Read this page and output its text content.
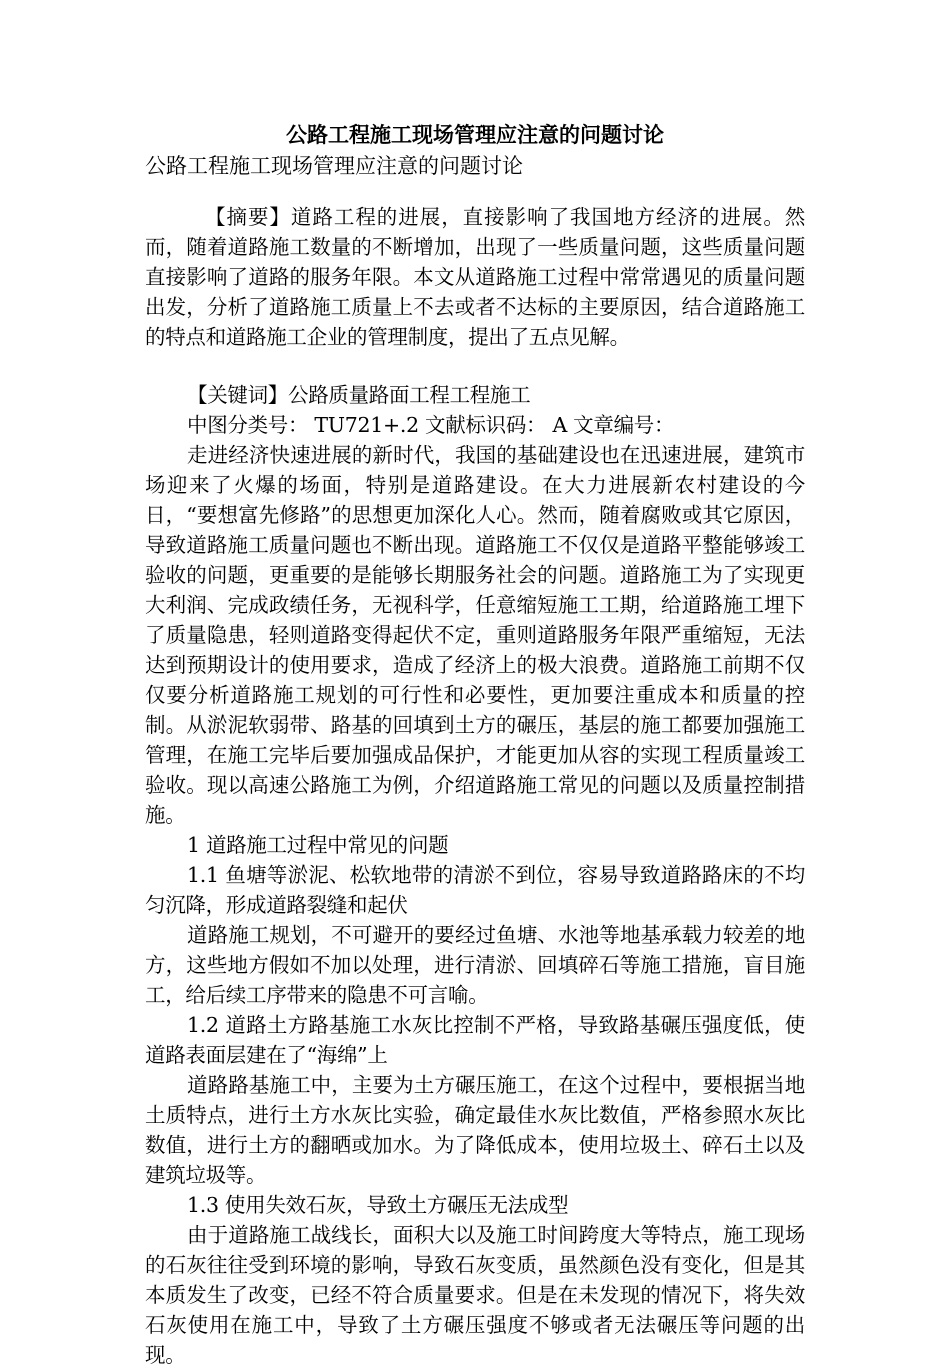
公路工程施工现场管理应注意的问题讨论
公路工程施工现场管理应注意的问题讨论

【摘要】道路工程的进展，直接影响了我国地方经济的进展。然而，随着道路施工数量的不断增加，出现了一些质量问题，这些质量问题直接影响了道路的服务年限。本文从道路施工过程中常常遇见的质量问题出发，分析了道路施工质量上不去或者不达标的主要原因，结合道路施工的特点和道路施工企业的管理制度，提出了五点见解。

【关键词】公路质量路面工程工程施工

中图分类号： TU721+.2 文献标识码： A 文章编号：

走进经济快速进展的新时代，我国的基础建设也在迅速进展，建筑市场迎来了火爆的场面，特别是道路建设。在大力进展新农村建设的今日，“要想富先修路”的思想更加深化人心。然而，随着腐败或其它原因，导致道路施工质量问题也不断出现。道路施工不仅仅是道路平整能够竣工验收的问题，更重要的是能够长期服务社会的问题。道路施工为了实现更大利润、完成政绩任务，无视科学，任意缩短施工工期，给道路施工埋下了质量隐患，轻则道路变得起伏不定，重则道路服务年限严重缩短，无法达到预期设计的使用要求，造成了经济上的极大浪费。道路施工前期不仅仅要分析道路施工规划的可行性和必要性，更加要注重成本和质量的控制。从淤泥软弱带、路基的回填到土方的碾压，基层的施工都要加强施工管理，在施工完毕后要加强成品保护，才能更加从容的实现工程质量竣工验收。现以高速公路施工为例，介绍道路施工常见的问题以及质量控制措施。

1 道路施工过程中常见的问题

1.1 鱼塘等淤泥、松软地带的清淤不到位，容易导致道路路床的不均匀沉降，形成道路裂缝和起伏

道路施工规划，不可避开的要经过鱼塘、水池等地基承载力较差的地方，这些地方假如不加以处理，进行清淤、回填碎石等施工措施，盲目施工，给后续工序带来的隐患不可言喻。

1.2 道路土方路基施工水灰比控制不严格，导致路基碾压强度低，使道路表面层建在了“海绵”上

道路路基施工中，主要为土方碾压施工，在这个过程中，要根据当地土质特点，进行土方水灰比实验，确定最佳水灰比数值，严格参照水灰比数值，进行土方的翻晒或加水。为了降低成本，使用垃圾土、碎石土以及建筑垃圾等。

1.3 使用失效石灰，导致土方碾压无法成型

由于道路施工战线长，面积大以及施工时间跨度大等特点，施工现场的石灰往往受到环境的影响，导致石灰变质，虽然颜色没有变化，但是其本质发生了改变，已经不符合质量要求。但是在未发现的情况下，将失效石灰使用在施工中，导致了土方碾压强度不够或者无法碾压等问题的出现。
